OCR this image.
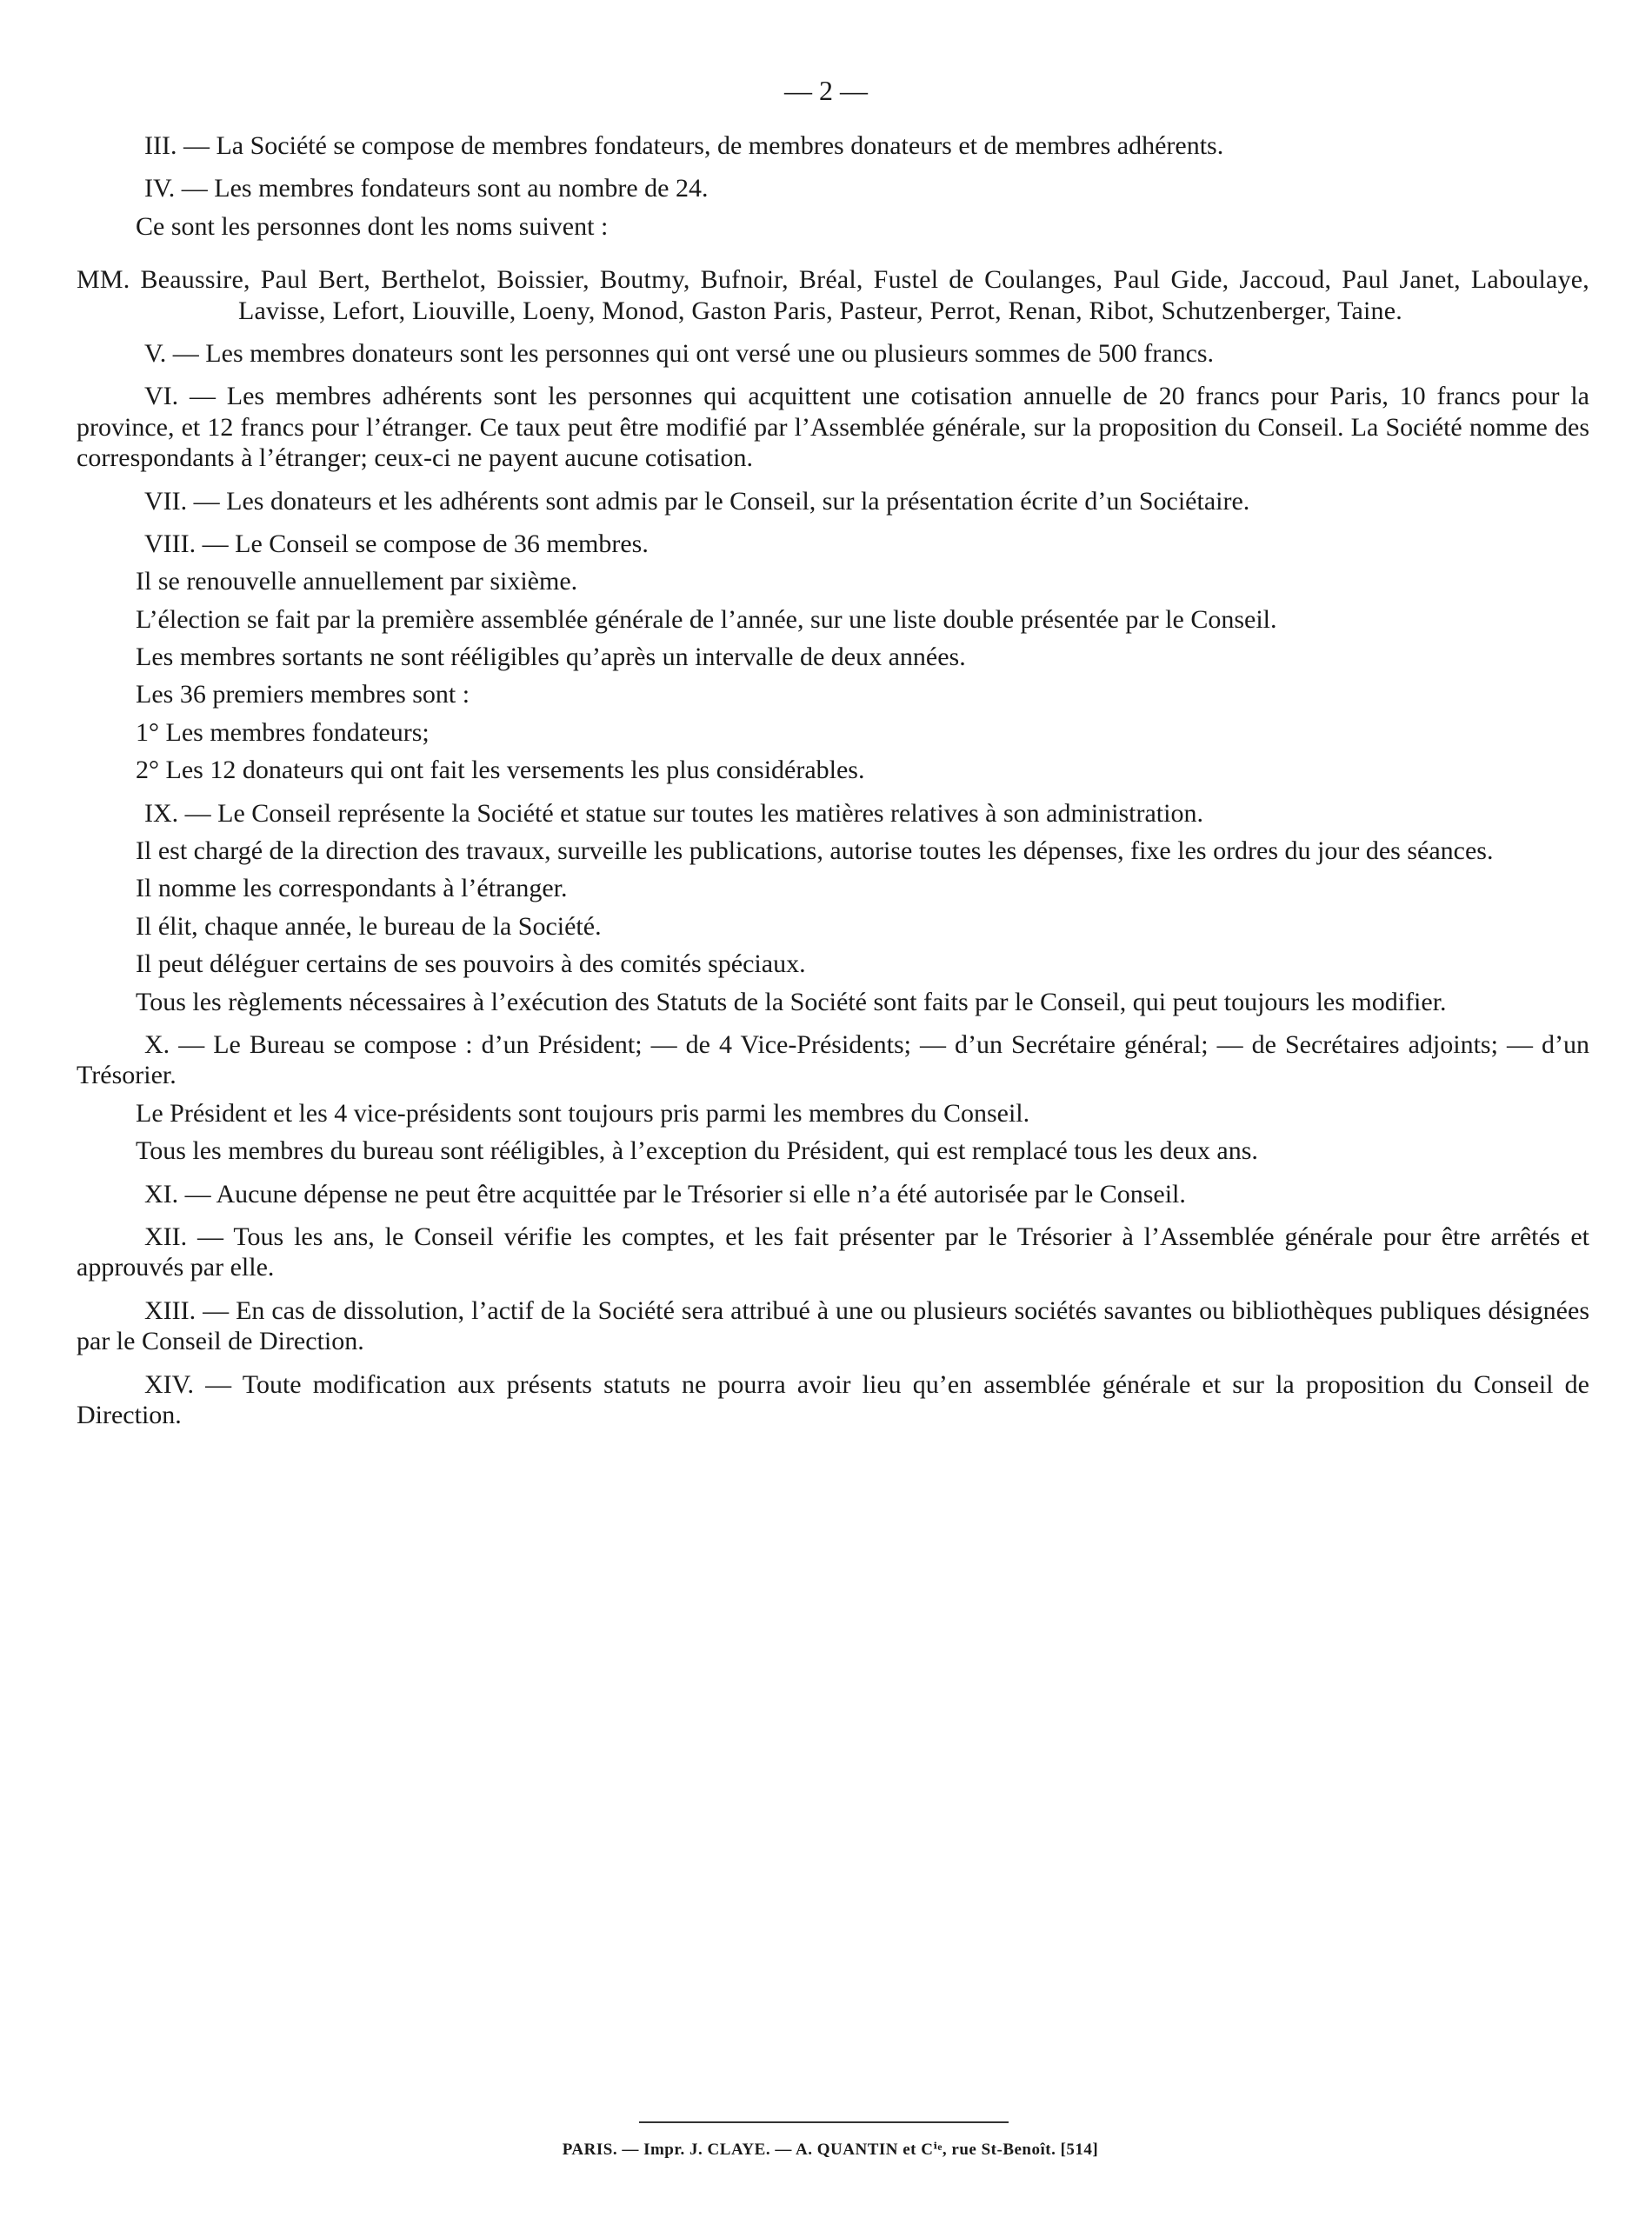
— 2 —

III. — La Société se compose de membres fondateurs, de membres donateurs et de membres adhérents.

IV. — Les membres fondateurs sont au nombre de 24.

Ce sont les personnes dont les noms suivent :

MM. Beaussire, Paul Bert, Berthelot, Boissier, Boutmy, Bufnoir, Bréal, Fustel de Coulanges, Paul Gide, Jaccoud, Paul Janet, Laboulaye, Lavisse, Lefort, Liouville, Loeny, Monod, Gaston Paris, Pasteur, Perrot, Renan, Ribot, Schutzenberger, Taine.

V. — Les membres donateurs sont les personnes qui ont versé une ou plusieurs sommes de 500 francs.

VI. — Les membres adhérents sont les personnes qui acquittent une cotisation annuelle de 20 francs pour Paris, 10 francs pour la province, et 12 francs pour l’étranger. Ce taux peut être modifié par l’Assemblée générale, sur la proposition du Conseil. La Société nomme des correspondants à l’étranger; ceux-ci ne payent aucune cotisation.

VII. — Les donateurs et les adhérents sont admis par le Conseil, sur la présentation écrite d’un Sociétaire.

VIII. — Le Conseil se compose de 36 membres.

Il se renouvelle annuellement par sixième.

L’élection se fait par la première assemblée générale de l’année, sur une liste double présentée par le Conseil.

Les membres sortants ne sont rééligibles qu’après un intervalle de deux années.

Les 36 premiers membres sont :

1° Les membres fondateurs;

2° Les 12 donateurs qui ont fait les versements les plus considérables.

IX. — Le Conseil représente la Société et statue sur toutes les matières relatives à son administration.

Il est chargé de la direction des travaux, surveille les publications, autorise toutes les dépenses, fixe les ordres du jour des séances.

Il nomme les correspondants à l’étranger.

Il élit, chaque année, le bureau de la Société.

Il peut déléguer certains de ses pouvoirs à des comités spéciaux.

Tous les règlements nécessaires à l’exécution des Statuts de la Société sont faits par le Conseil, qui peut toujours les modifier.

X. — Le Bureau se compose : d’un Président; — de 4 Vice-Présidents; — d’un Secrétaire général; — de Secrétaires adjoints; — d’un Trésorier.

Le Président et les 4 vice-présidents sont toujours pris parmi les membres du Conseil.

Tous les membres du bureau sont rééligibles, à l’exception du Président, qui est remplacé tous les deux ans.

XI. — Aucune dépense ne peut être acquittée par le Trésorier si elle n’a été autorisée par le Conseil.

XII. — Tous les ans, le Conseil vérifie les comptes, et les fait présenter par le Trésorier à l’Assemblée générale pour être arrêtés et approuvés par elle.

XIII. — En cas de dissolution, l’actif de la Société sera attribué à une ou plusieurs sociétés savantes ou bibliothèques publiques désignées par le Conseil de Direction.

XIV. — Toute modification aux présents statuts ne pourra avoir lieu qu’en assemblée générale et sur la proposition du Conseil de Direction.

PARIS. — Impr. J. CLAYE. — A. QUANTIN et Cⁱᵉ, rue St-Benoît. [514]
